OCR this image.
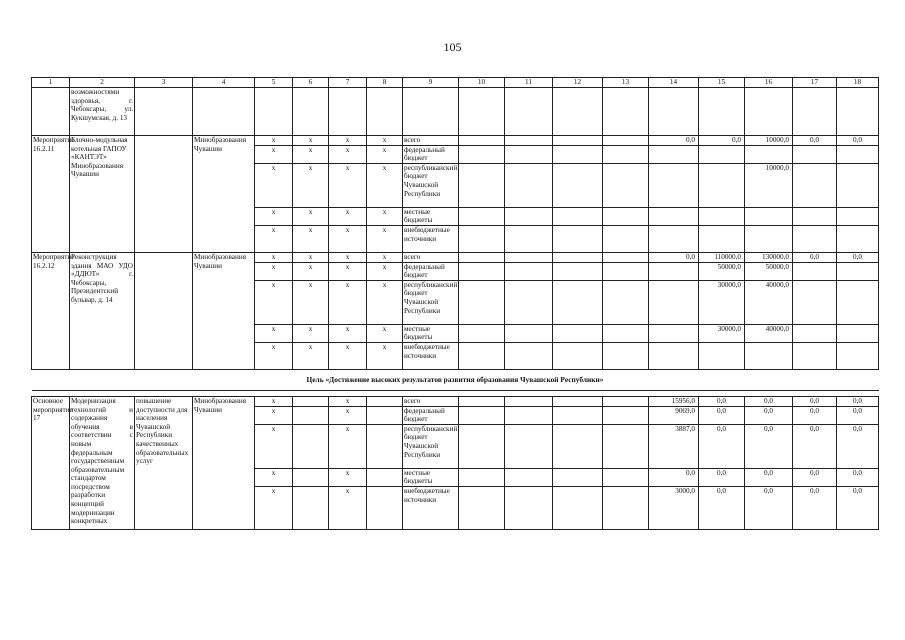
105
1	2	3	4	5	6	7	8	9	10	11	12	13	14	15	16	17	18
	возможностями здоровья, г. Чебоксары, ул. Кукшумская, д. 13																
Мероприятие 16.2.11	Блочно-модульная котельная ГАПОУ «КАНТЭТ» Минобразования Чувашии		Минобразования Чувашии	х	х	х	х	всего					0,0	0,0	10000,0	0,0	0,0
				х	х	х	х	федеральный бюджет									
				х	х	х	х	республиканский бюджет Чувашской Республики							10000,0		
				х	х	х	х	местные бюджеты									
				х	х	х	х	внебюджетные источники									
Мероприятие 16.2.12	Реконструкция здания МАО УДО «ДДЮТ» г. Чебоксары, Президентский бульвар, д. 14		Минобразования Чувашии	х	х	х	х	всего					0,0	110000,0	130000,0	0,0	0,0
				х	х	х	х	федеральный бюджет						50000,0	50000,0		
				х	х	х	х	республиканский бюджет Чувашской Республики						30000,0	40000,0		
				х	х	х	х	местные бюджеты						30000,0	40000,0		
				х	х	х	х	внебюджетные источники									
Цель «Достижение высоких результатов развития образования Чувашской Республики»																	

Основное мероприятие 17	Модернизация технологий и содержания обучения в соответствии с новым федеральным государственным образовательным стандартом посредством разработки концепций модернизации конкретных	повышение доступности для населения Чувашской Республики качественных образовательных услуг	Минобразования Чувашии	х		х		всего					15956,0	0,0	0,0	0,0	0,0
				х		х		федеральный бюджет					9069,0	0,0	0,0	0,0	0,0
				х		х		республиканский бюджет Чувашской Республики					3887,0	0,0	0,0	0,0	0,0
				х		х		местные бюджеты					0,0	0,0	0,0	0,0	0,0
				х		х		внебюджетные источники					3000,0	0,0	0,0	0,0	0,0
